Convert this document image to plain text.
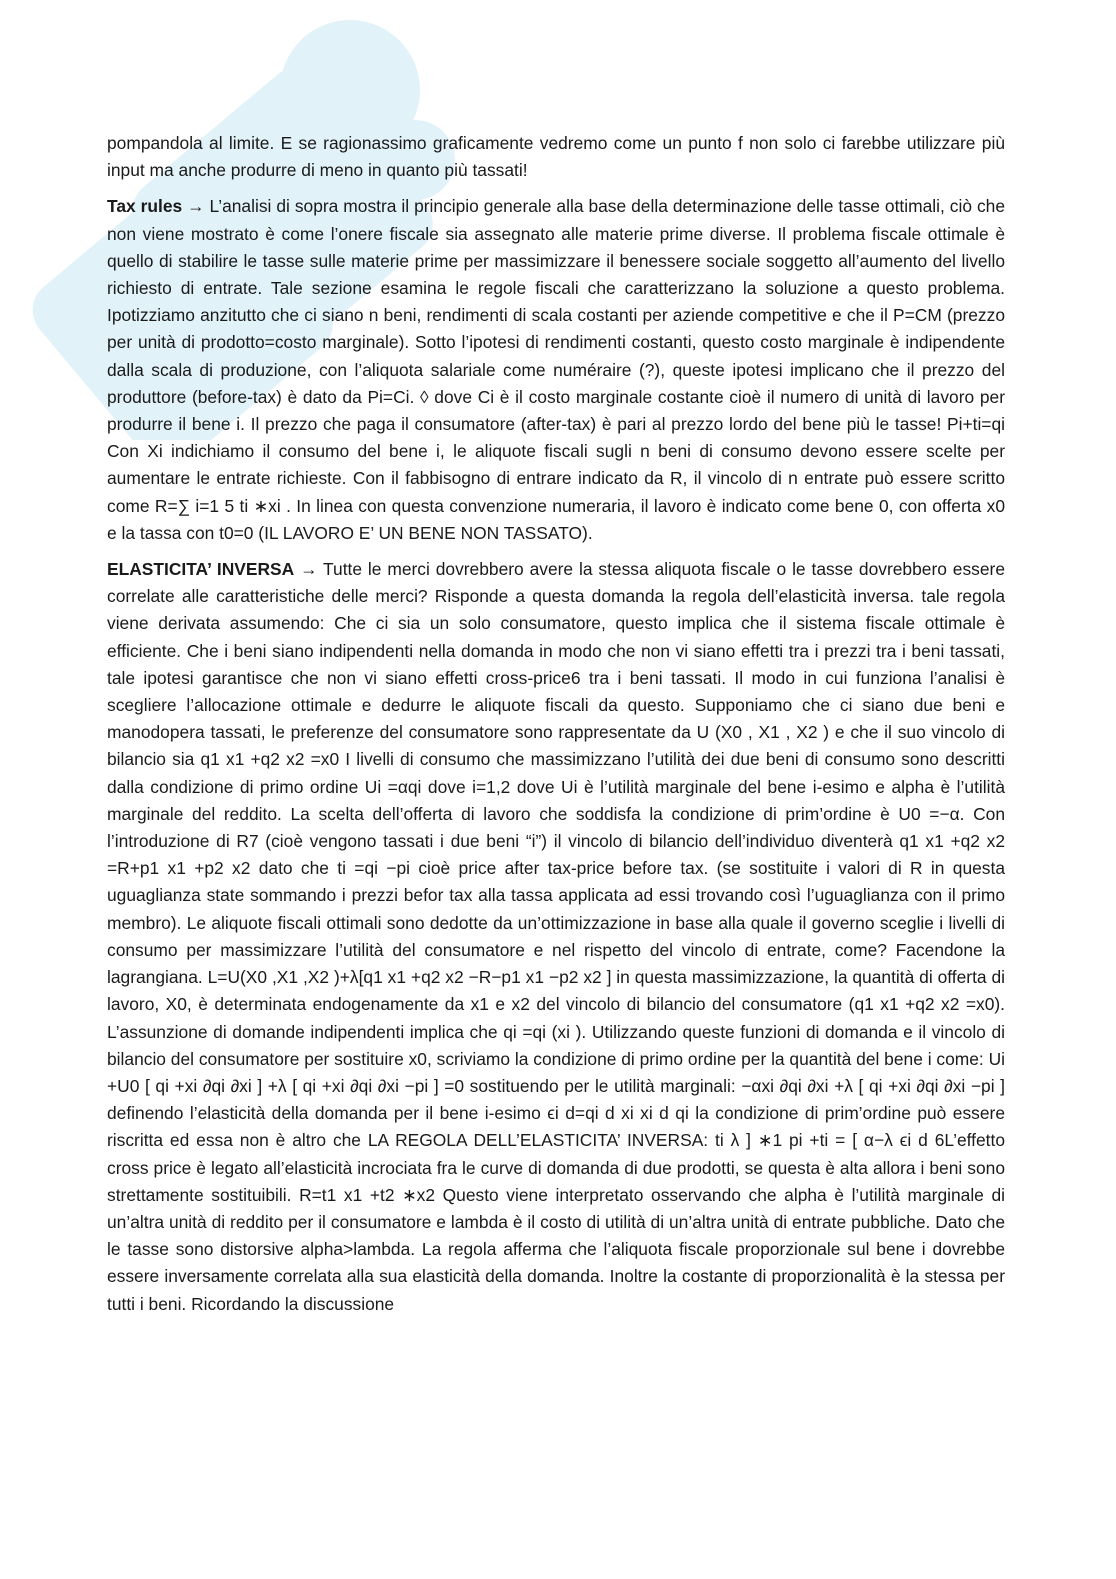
pompandola al limite. E se ragionassimo graficamente vedremo come un punto f non solo ci farebbe utilizzare più input ma anche produrre di meno in quanto più tassati!

Tax rules → L’analisi di sopra mostra il principio generale alla base della determinazione delle tasse ottimali, ciò che non viene mostrato è come l’onere fiscale sia assegnato alle materie prime diverse. Il problema fiscale ottimale è quello di stabilire le tasse sulle materie prime per massimizzare il benessere sociale soggetto all’aumento del livello richiesto di entrate. Tale sezione esamina le regole fiscali che caratterizzano la soluzione a questo problema. Ipotizziamo anzitutto che ci siano n beni, rendimenti di scala costanti per aziende competitive e che il P=CM (prezzo per unità di prodotto=costo marginale). Sotto l’ipotesi di rendimenti costanti, questo costo marginale è indipendente dalla scala di produzione, con l’aliquota salariale come numéraire (?), queste ipotesi implicano che il prezzo del produttore (before-tax) è dato da Pi=Ci. ◊ dove Ci è il costo marginale costante cioè il numero di unità di lavoro per produrre il bene i. Il prezzo che paga il consumatore (after-tax) è pari al prezzo lordo del bene più le tasse! Pi+ti=qi Con Xi indichiamo il consumo del bene i, le aliquote fiscali sugli n beni di consumo devono essere scelte per aumentare le entrate richieste. Con il fabbisogno di entrare indicato da R, il vincolo di n entrate può essere scritto come R=∑ i=1 5 ti ∗xi . In linea con questa convenzione numeraria, il lavoro è indicato come bene 0, con offerta x0 e la tassa con t0=0 (IL LAVORO E’ UN BENE NON TASSATO).

ELASTICITA’ INVERSA → Tutte le merci dovrebbero avere la stessa aliquota fiscale o le tasse dovrebbero essere correlate alle caratteristiche delle merci? Risponde a questa domanda la regola dell’elasticità inversa. tale regola viene derivata assumendo: Che ci sia un solo consumatore, questo implica che il sistema fiscale ottimale è efficiente. Che i beni siano indipendenti nella domanda in modo che non vi siano effetti tra i prezzi tra i beni tassati, tale ipotesi garantisce che non vi siano effetti cross-price6 tra i beni tassati. Il modo in cui funziona l’analisi è scegliere l’allocazione ottimale e dedurre le aliquote fiscali da questo. Supponiamo che ci siano due beni e manodopera tassati, le preferenze del consumatore sono rappresentate da U (X0 , X1 , X2 ) e che il suo vincolo di bilancio sia q1 x1 +q2 x2 =x0 I livelli di consumo che massimizzano l’utilità dei due beni di consumo sono descritti dalla condizione di primo ordine Ui =αqi dove i=1,2 dove Ui è l’utilità marginale del bene i-esimo e alpha è l’utilità marginale del reddito. La scelta dell’offerta di lavoro che soddisfa la condizione di prim’ordine è U0 =−α. Con l’introduzione di R7 (cioè vengono tassati i due beni “i”) il vincolo di bilancio dell’individuo diventerà q1 x1 +q2 x2 =R+p1 x1 +p2 x2 dato che ti =qi −pi cioè price after tax-price before tax. (se sostituite i valori di R in questa uguaglianza state sommando i prezzi befor tax alla tassa applicata ad essi trovando così l’uguaglianza con il primo membro). Le aliquote fiscali ottimali sono dedotte da un’ottimizzazione in base alla quale il governo sceglie i livelli di consumo per massimizzare l’utilità del consumatore e nel rispetto del vincolo di entrate, come? Facendone la lagrangiana. L=U(X0 ,X1 ,X2 )+λ[q1 x1 +q2 x2 −R−p1 x1 −p2 x2 ] in questa massimizzazione, la quantità di offerta di lavoro, X0, è determinata endogenamente da x1 e x2 del vincolo di bilancio del consumatore (q1 x1 +q2 x2 =x0). L’assunzione di domande indipendenti implica che qi =qi (xi ). Utilizzando queste funzioni di domanda e il vincolo di bilancio del consumatore per sostituire x0, scriviamo la condizione di primo ordine per la quantità del bene i come: Ui +U0 [ qi +xi ∂qi ∂xi ] +λ [ qi +xi ∂qi ∂xi −pi ] =0 sostituendo per le utilità marginali: −αxi ∂qi ∂xi +λ [ qi +xi ∂qi ∂xi −pi ] definendo l’elasticità della domanda per il bene i-esimo ϵi d=qi d xi xi d qi la condizione di prim’ordine può essere riscritta ed essa non è altro che LA REGOLA DELL’ELASTICITA’ INVERSA: ti λ ] ∗1 pi +ti = [ α−λ ϵi d 6L’effetto cross price è legato all’elasticità incrociata fra le curve di domanda di due prodotti, se questa è alta allora i beni sono strettamente sostituibili. R=t1 x1 +t2 ∗x2 Questo viene interpretato osservando che alpha è l’utilità marginale di un’altra unità di reddito per il consumatore e lambda è il costo di utilità di un’altra unità di entrate pubbliche. Dato che le tasse sono distorsive alpha>lambda. La regola afferma che l’aliquota fiscale proporzionale sul bene i dovrebbe essere inversamente correlata alla sua elasticità della domanda. Inoltre la costante di proporzionalità è la stessa per tutti i beni. Ricordando la discussione
